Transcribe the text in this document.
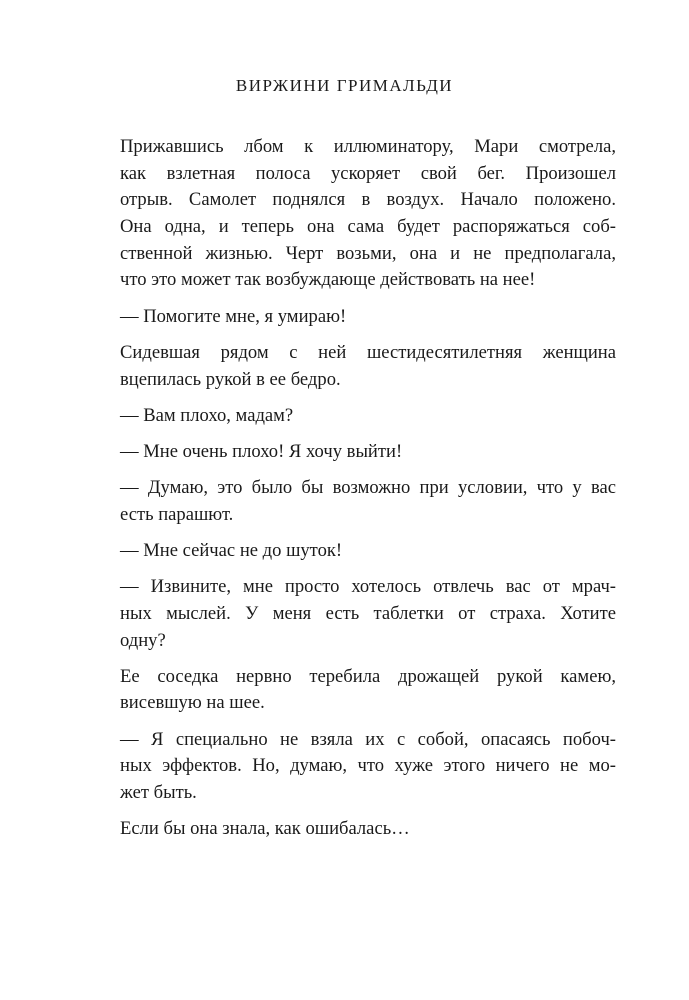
ВИРЖИНИ ГРИМАЛЬДИ
Прижавшись лбом к иллюминатору, Мари смотрела,
как взлетная полоса ускоряет свой бег. Произошел
отрыв. Самолет поднялся в воздух. Начало положено.
Она одна, и теперь она сама будет распоряжаться соб-
ственной жизнью. Черт возьми, она и не предполагала,
что это может так возбуждающе действовать на нее!
— Помогите мне, я умираю!
Сидевшая рядом с ней шестидесятилетняя женщина
вцепилась рукой в ее бедро.
— Вам плохо, мадам?
— Мне очень плохо! Я хочу выйти!
— Думаю, это было бы возможно при условии, что у вас
есть парашют.
— Мне сейчас не до шуток!
— Извините, мне просто хотелось отвлечь вас от мрач-
ных мыслей. У меня есть таблетки от страха. Хотите
одну?
Ее соседка нервно теребила дрожащей рукой камею,
висевшую на шее.
— Я специально не взяла их с собой, опасаясь побоч-
ных эффектов. Но, думаю, что хуже этого ничего не мо-
жет быть.
Если бы она знала, как ошибалась…
